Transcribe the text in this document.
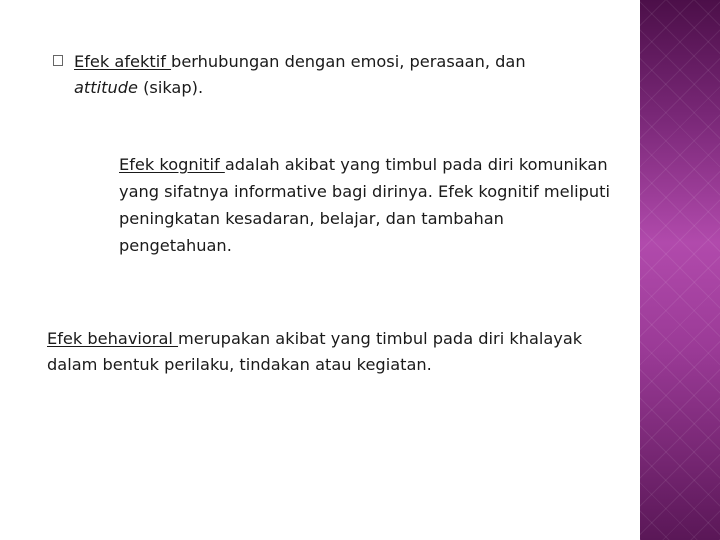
Efek afektif berhubungan dengan emosi, perasaan, dan attitude (sikap).
Efek kognitif adalah akibat yang timbul pada diri komunikan yang sifatnya informative bagi dirinya. Efek kognitif meliputi peningkatan kesadaran, belajar, dan tambahan pengetahuan.
Efek behavioral merupakan akibat yang timbul pada diri khalayak dalam bentuk perilaku, tindakan atau kegiatan.
